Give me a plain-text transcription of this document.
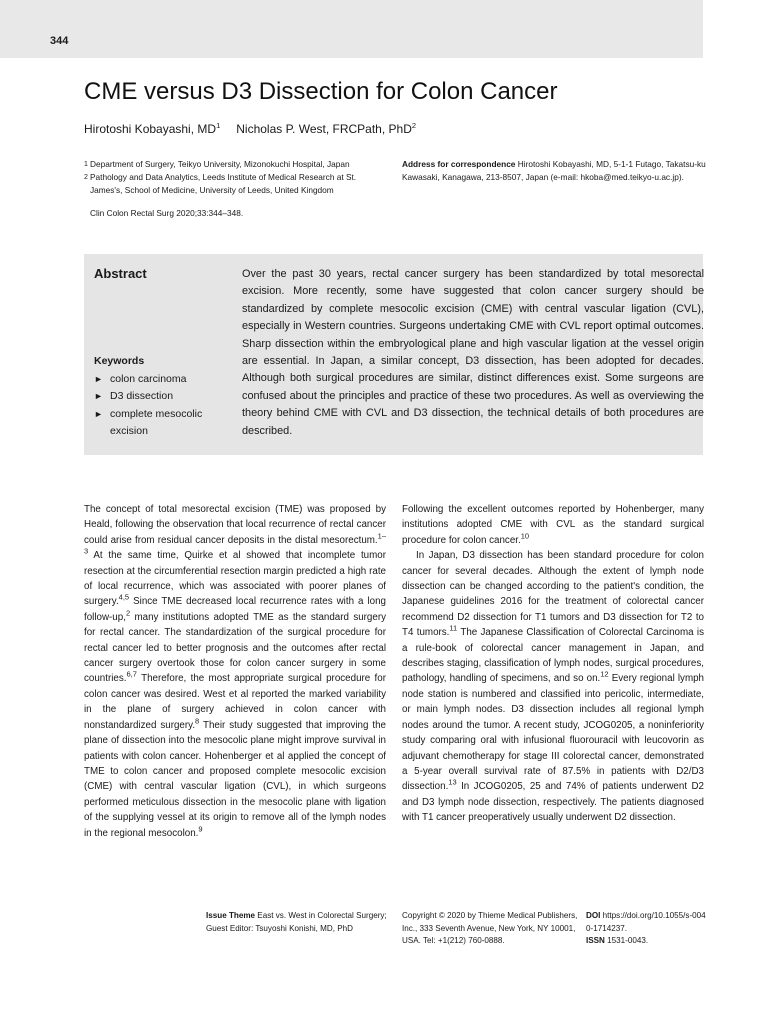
344
CME versus D3 Dissection for Colon Cancer
Hirotoshi Kobayashi, $MD^1$ Nicholas P. West, FRCPath, PhD$^2$
1 Department of Surgery, Teikyo University, Mizonokuchi Hospital, Japan
2 Pathology and Data Analytics, Leeds Institute of Medical Research at St. James's, School of Medicine, University of Leeds, United Kingdom
Address for correspondence Hirotoshi Kobayashi, MD, 5-1-1 Futago, Takatsu-ku Kawasaki, Kanagawa, 213-8507, Japan (e-mail: hkoba@med.teikyo-u.ac.jp).
Clin Colon Rectal Surg 2020;33:344–348.
Abstract	Over the past 30 years, rectal cancer surgery has been standardized by total mesorectal excision. More recently, some have suggested that colon cancer surgery should be standardized by complete mesocolic excision (CME) with central vascular ligation (CVL), especially in Western countries. Surgeons undertaking CME with CVL report optimal outcomes. Sharp dissection within the embryological plane and high vascular ligation at the vessel origin are essential. In Japan, a similar concept, D3 dissection, has been adopted for decades. Although both surgical procedures are similar, distinct differences exist. Some surgeons are confused about the principles and practice of these two procedures. As well as overviewing the theory behind CME with CVL and D3 dissection, the technical details of both procedures are described.

Keywords
► colon carcinoma
► D3 dissection
► complete mesocolic excision

The concept of total mesorectal excision (TME) was proposed by Heald, following the observation that local recurrence of rectal cancer could arise from residual cancer deposits in the distal mesorectum.$^{1-3}$ At the same time, Quirke et al showed that incomplete tumor resection at the circumferential resection margin predicted a high rate of local recurrence, which was associated with poorer planes of surgery.$^{4,5}$ Since TME decreased local recurrence rates with a long follow-up,$^2$ many institutions adopted TME as the standard surgery for rectal cancer. The standardization of the surgical procedure for rectal cancer led to better prognosis and the outcomes after rectal cancer surgery overtook those for colon cancer surgery in some countries.$^{6,7}$ Therefore, the most appropriate surgical procedure for colon cancer was desired. West et al reported the marked variability in the plane of surgery achieved in colon cancer with nonstandardized surgery.$^8$ Their study suggested that improving the plane of dissection into the mesocolic plane might improve survival in patients with colon cancer. Hohenberger et al applied the concept of TME to colon cancer and proposed complete mesocolic excision (CME) with central vascular ligation (CVL), in which surgeons performed meticulous dissection in the mesocolic plane with ligation of the supplying vessel at its origin to remove all of the lymph nodes in the regional mesocolon.$^9$

Following the excellent outcomes reported by Hohenberger, many institutions adopted CME with CVL as the standard surgical procedure for colon cancer.$^{10}$

In Japan, D3 dissection has been standard procedure for colon cancer for several decades. Although the extent of lymph node dissection can be changed according to the patient's condition, the Japanese guidelines 2016 for the treatment of colorectal cancer recommend D2 dissection for T1 tumors and D3 dissection for T2 to T4 tumors.$^{11}$ The Japanese Classification of Colorectal Carcinoma is a rule-book of colorectal cancer management in Japan, and describes staging, classification of lymph nodes, surgical procedures, pathology, handling of specimens, and so on.$^{12}$ Every regional lymph node station is numbered and classified into pericolic, intermediate, or main lymph nodes. D3 dissection includes all regional lymph nodes around the tumor. A recent study, JCOG0205, a noninferiority study comparing oral with infusional fluorouracil with leucovorin as adjuvant chemotherapy for stage III colorectal cancer, demonstrated a 5-year overall survival rate of 87.5% in patients with D2/D3 dissection.$^{13}$ In JCOG0205, 25 and 74% of patients underwent D2 and D3 lymph node dissection, respectively. The patients diagnosed with T1 cancer preoperatively usually underwent D2 dissection.

Issue Theme East vs. West in Colorectal Surgery; Guest Editor: Tsuyoshi Konishi, MD, PhD
Copyright © 2020 by Thieme Medical Publishers, Inc., 333 Seventh Avenue, New York, NY 10001, USA. Tel: +1(212) 760-0888.
DOI https://doi.org/10.1055/s-0040-1714237.
ISSN 1531-0043.
